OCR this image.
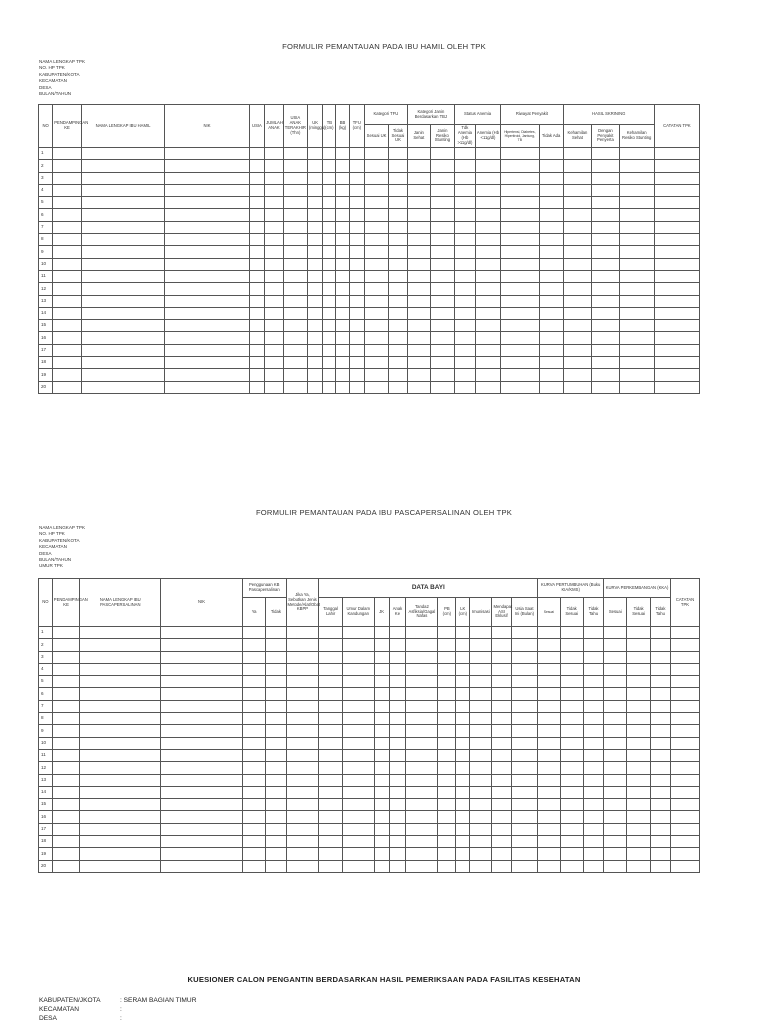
FORMULIR PEMANTAUAN PADA IBU HAMIL OLEH TPK
NAMA LENGKAP TPK
NO. HP TPK
KABUPATEN/KOTA
KECAMATAN
DESA
BULAN/TAHUN
NO	PENDAMPINGAN KE	NAMA LENGKAP IBU HAMIL	NIK	USIA	JUMLAH ANAK	USIA ANAK TERAKHIR (Thn)	UK (minggu)	TB (cm)	BB (kg)	TFU (cm)	Kategori TFU		Kategori Janin Berdasarkan TBJ		Status Anemia		Riwayat Penyakit		HASIL SKRINING			CATATAN TPK
											Sesuai UK	Tidak Sesuai UK	Janin Sehat	Janin Resiko Stunting	Tdk Anemia (Hb >11g/dl)	Anemia (Hb <11g/dl)	Hipertensi, Diabetes, Hipertiroid, Jantung, TB	Tidak Ada	Kehamilan Sehat	Dengan Penyakit Penyerta	Kehamilan Resiko Stunting	
1																						
2																						
3																						
4																						
5																						
6																						
7																						
8																						
9																						
10																						
11																						
12																						
13																						
14																						
15																						
16																						
17																						
18																						
19																						
20																						
FORMULIR PEMANTAUAN PADA IBU PASCAPERSALINAN OLEH TPK
NAMA LENGKAP TPK
NO. HP TPK
KABUPATEN/KOTA
KECAMATAN
DESA
BULAN/TAHUN
UMUR TPK
NO	PENDAMPINGAN KE	NAMA LENGKAP IBU PASCAPERSALINAN	NIK	Penggunaan KB Pascapersalinan		Jika Ya, Sebutkan Jenis Metode/Alat/Obat KBPP	DATA BAYI										KURVA PERTUMBUHAN (Buku KIA/KMS)			KURVA PERKEMBANGAN (KKA)			CATATAN TPK
				Ya	Tidak		Tanggal Lahir	Umur Dalam Kandungan	JK	Anak Ke	Tanda2 Asfiksia/Gagal Nafas	PB (cm)	LK (cm)	Imunisasi	Mendapat ASI Eklusif	Usia Saat Ini (Bulan)	Sesuai	Tidak Sesuai	Tidak Tahu	Sesuai	Tidak Sesuai	Tidak Tahu	
1																							
2																							
3																							
4																							
5																							
6																							
7																							
8																							
9																							
10																							
11																							
12																							
13																							
14																							
15																							
16																							
17																							
18																							
19																							
20																							
KUESIONER CALON PENGANTIN BERDASARKAN HASIL PEMERIKSAAN PADA FASILITAS KESEHATAN
KABUPATEN/JKOTA	: SERAM BAGIAN TIMUR
KECAMATAN	:
DESA	:
